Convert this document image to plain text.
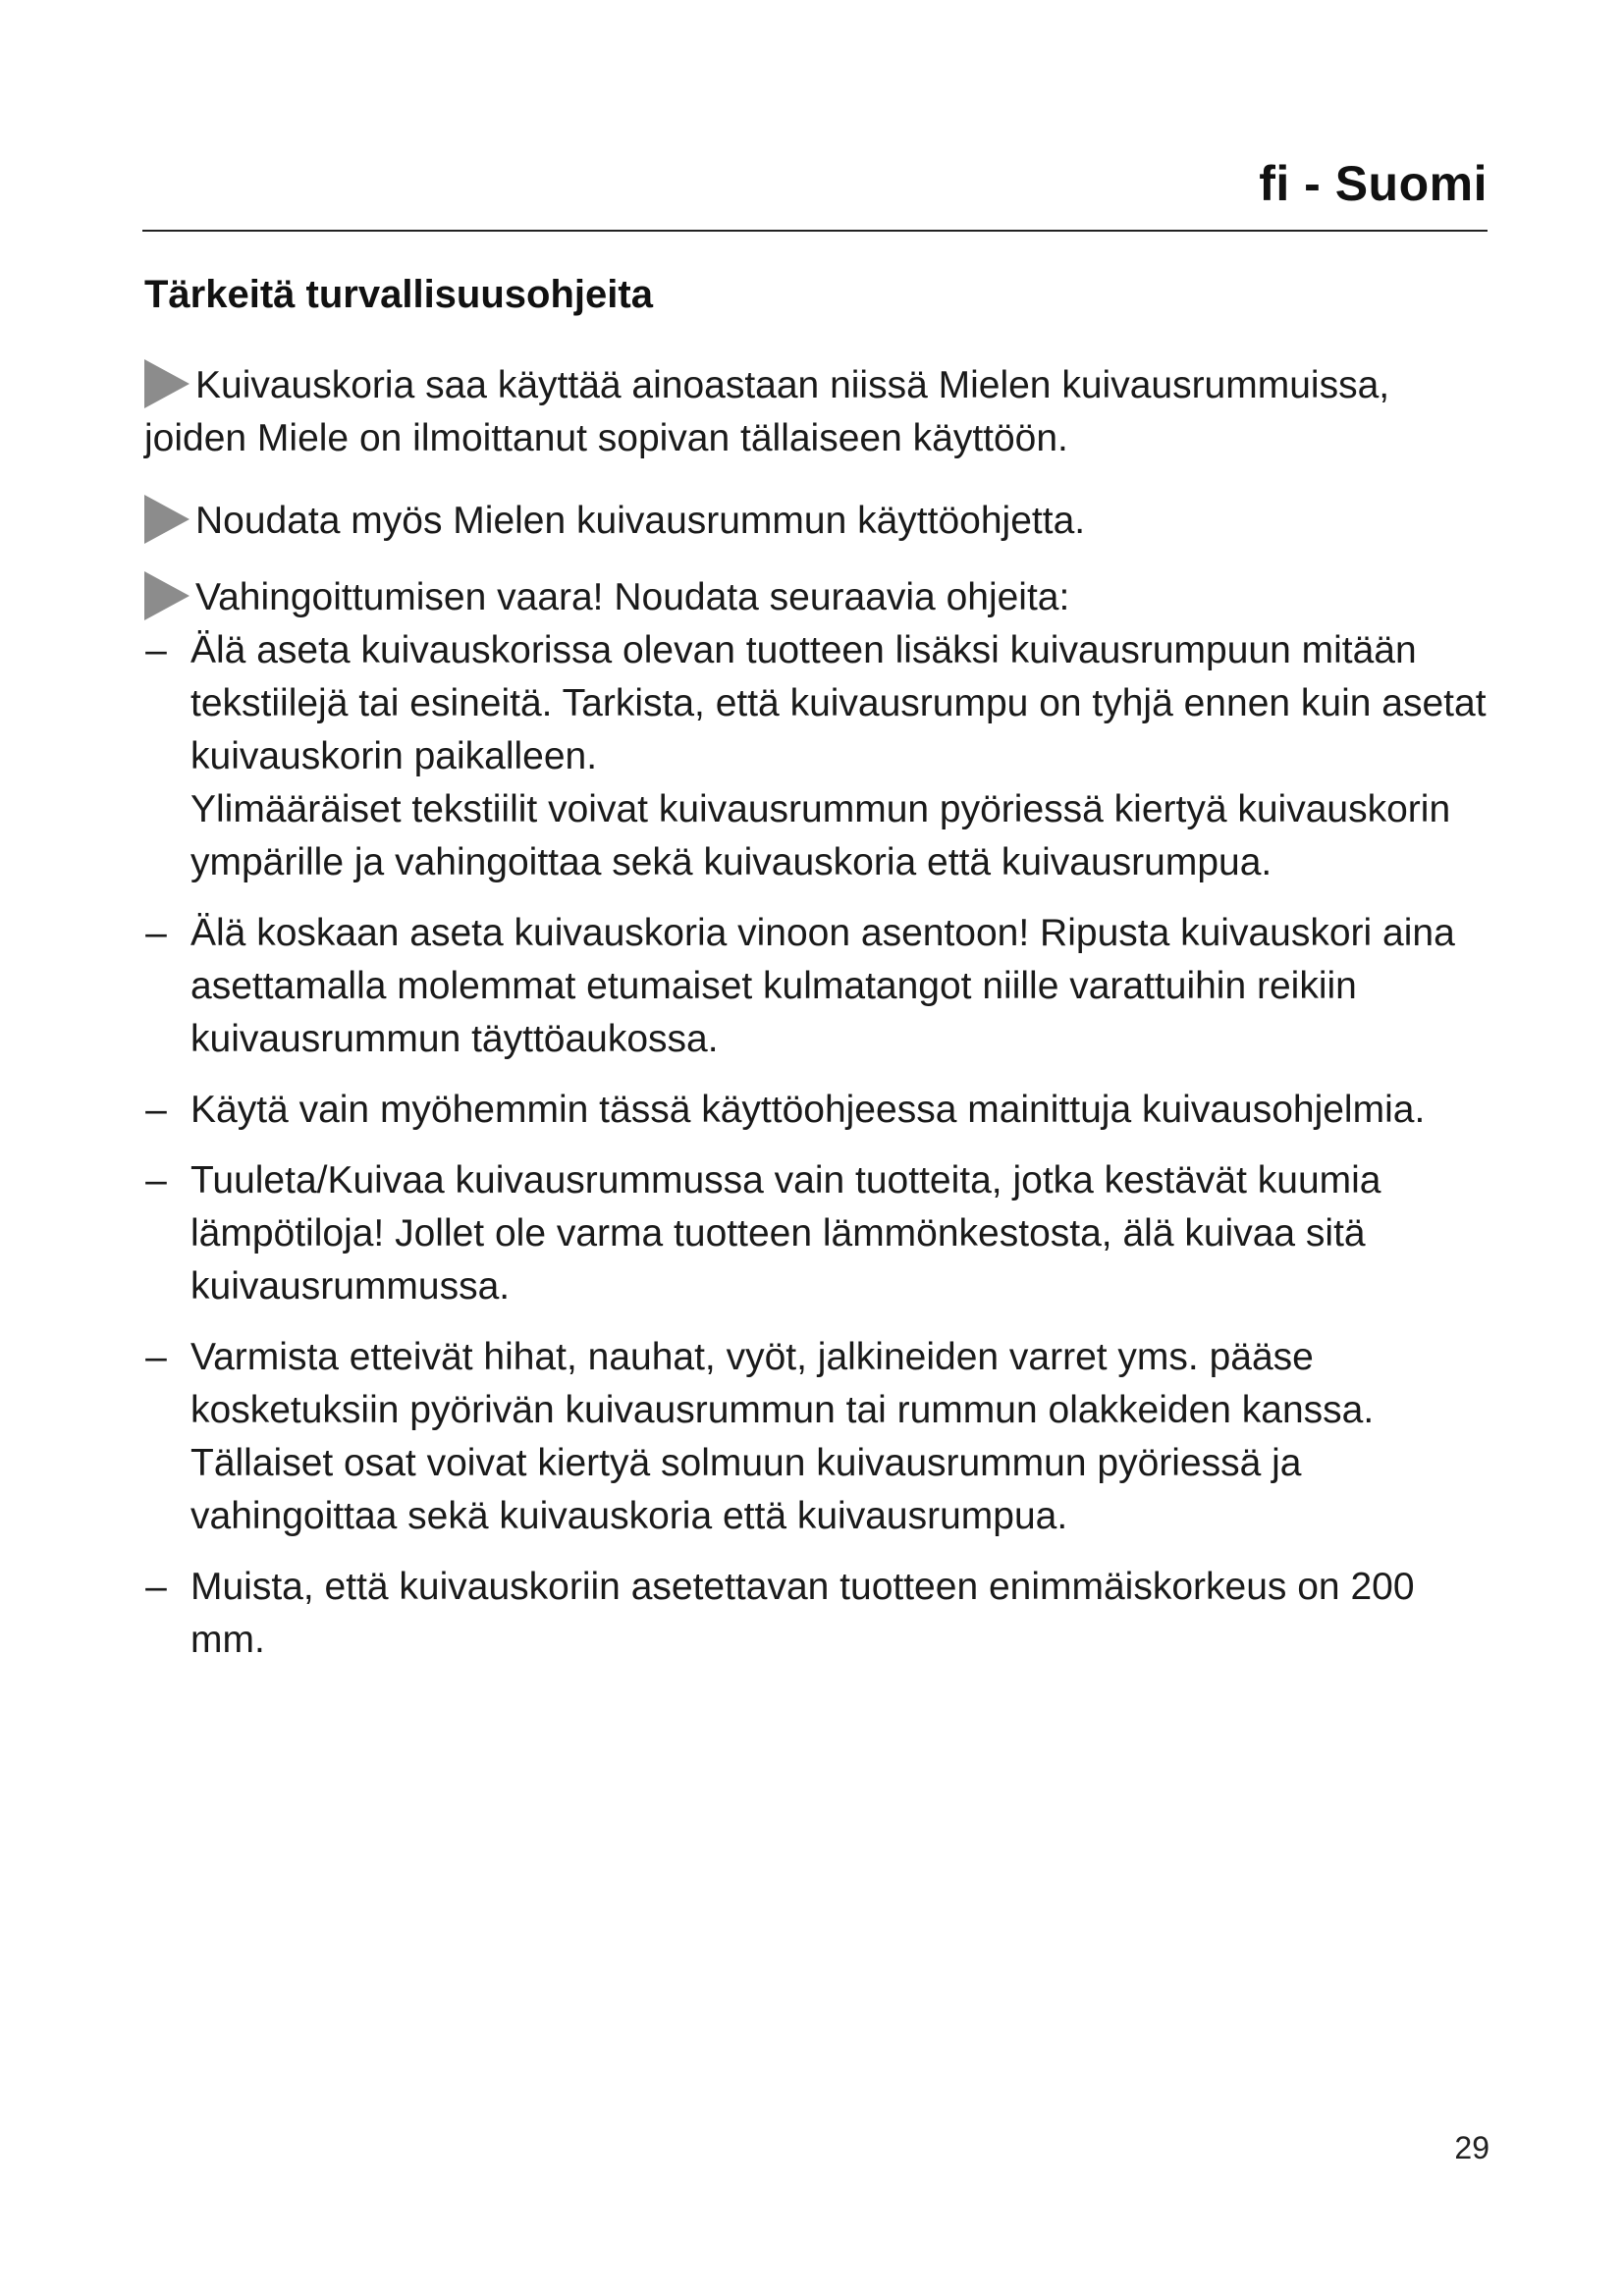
fi - Suomi
Tärkeitä turvallisuusohjeita

Kuivauskoria saa käyttää ainoastaan niissä Mielen kuivausrummuissa, joiden Miele on ilmoittanut sopivan tällaiseen käyttöön.

Noudata myös Mielen kuivausrummun käyttöohjetta.

Vahingoittumisen vaara! Noudata seuraavia ohjeita:

– Älä aseta kuivauskorissa olevan tuotteen lisäksi kuivausrumpuun mitään tekstiilejä tai esineitä. Tarkista, että kuivausrumpu on tyhjä ennen kuin asetat kuivauskorin paikalleen.

Ylimääräiset tekstiilit voivat kuivausrummun pyöriessä kiertyä kuivauskorin ympärille ja vahingoittaa sekä kuivauskoria että kuivausrumpua.

– Älä koskaan aseta kuivauskoria vinoon asentoon! Ripusta kuivauskori aina asettamalla molemmat etumaiset kulmatangot niille varattuihin reikiin kuivausrummun täyttöaukossa.

– Käytä vain myöhemmin tässä käyttöohjeessa mainittuja kuivausohjelmia.

– Tuuleta/Kuivaa kuivausrummussa vain tuotteita, jotka kestävät kuumia lämpötiloja! Jollet ole varma tuotteen lämmönkestosta, älä kuivaa sitä kuivausrummussa.

– Varmista etteivät hihat, nauhat, vyöt, jalkineiden varret yms. pääse kosketuksiin pyörivän kuivausrummun tai rummun olakkeiden kanssa.

Tällaiset osat voivat kiertyä solmuun kuivausrummun pyöriessä ja vahingoittaa sekä kuivauskoria että kuivausrumpua.

– Muista, että kuivauskoriin asetettavan tuotteen enimmäiskorkeus on 200 mm.

29
